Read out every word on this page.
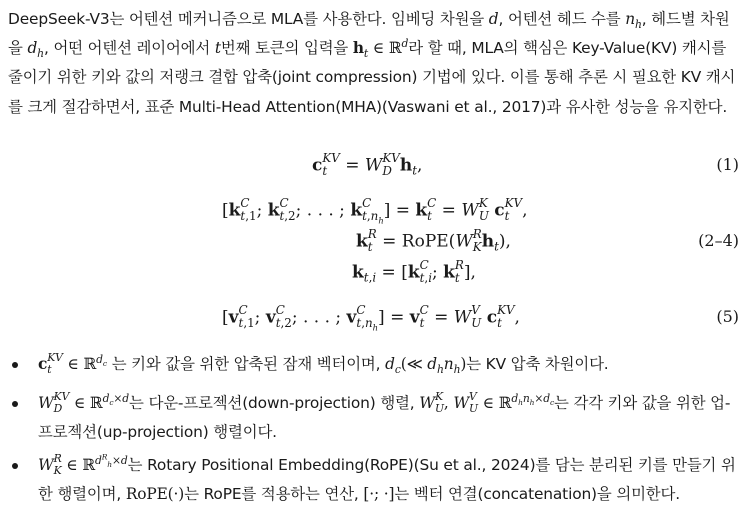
DeepSeek-V3는 어텐션 메커니즘으로 MLA를 사용한다. 임베딩 차원을 d, 어텐션 헤드 수를 $n_h$, 헤드별 차원을 $d_h$, 어떤 어텐션 레이어에서 t번째 토큰의 입력을 $h_t$ ∈ ℝ$^d$라 할 때, MLA의 핵심은 Key-Value(KV) 캐시를 줄이기 위한 키와 값의 저랭크 결합 압축(joint compression) 기법에 있다. 이를 통해 추론 시 필요한 KV 캐시를 크게 절감하면서, 표준 Multi-Head Attention(MHA)(Vaswani et al., 2017)과 유사한 성능을 유지한다.
c KV
t = W KV
D $h_t$,	(1)
[k C
t,1 ; k C
t,2 ; . . . ; k C
$t,n_h$ ] = k C
t = W K
U c KV
t ,
k R
t = RoPE(W R
K $h_t$),	(2–4)
$k_{t,i} = [k$ C
t,i ; k R
t ],
[v C
t,1 ; v C
t,2 ; . . . ; v C
$t,n_h$ ] = v C
t = W V
U c KV
t ,	(5)
c KV
t ∈ ℝ$^{d_c}$ 는 키와 값을 위한 압축된 잠재 벡터이며, $d_c(≪$ $d_hn_h$)는 KV 압축 차원이다.
W KV
D ∈ ℝ$^{d_c\times d}$는 다운-프로젝션(down-projection) 행렬, W K
U , W V
U ∈ ℝ$^{d_hn_h\times d_c}$는 각각 키와 값을 위한 업-프로젝션(up-projection) 행렬이다.
W R
K ∈ ℝ$^{d^R_h\times d}$는 Rotary Positional Embedding(RoPE)(Su et al., 2024)를 담는 분리된 키를 만들기 위한 행렬이며, RoPE(·)는 RoPE를 적용하는 연산, [·; ·]는 벡터 연결(concatenation)을 의미한다.
